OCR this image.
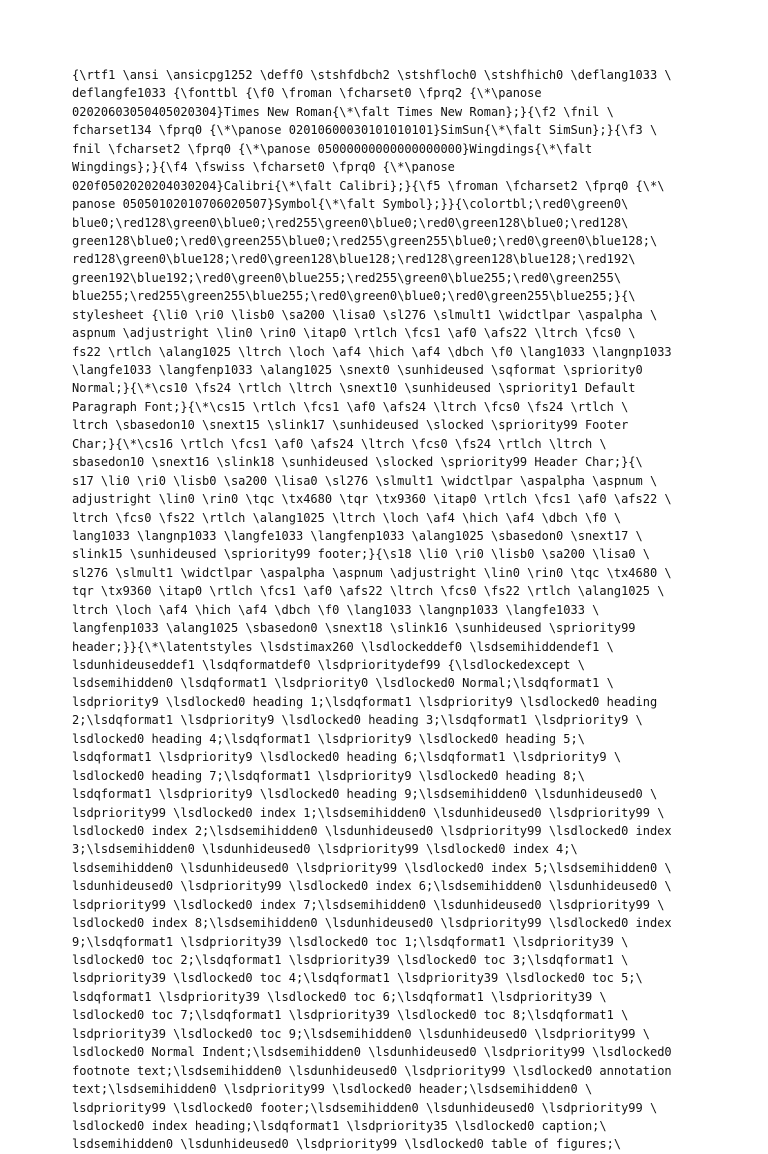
{\rtf1 \ansi \ansicpg1252 \deff0 \stshfdbch2 \stshfloch0 \stshfhich0 \deflang1033 \
deflangfe1033 {\fonttbl {\f0 \froman \fcharset0 \fprq2 {\*\panose
02020603050405020304}Times New Roman{\*\falt Times New Roman};}{\f2 \fnil \
fcharset134 \fprq0 {\*\panose 02010600030101010101}SimSun{\*\falt SimSun};}{\f3 \
fnil \fcharset2 \fprq0 {\*\panose 05000000000000000000}Wingdings{\*\falt
Wingdings};}{\f4 \fswiss \fcharset0 \fprq0 {\*\panose
020f0502020204030204}Calibri{\*\falt Calibri};}{\f5 \froman \fcharset2 \fprq0 {\*\
panose 05050102010706020507}Symbol{\*\falt Symbol};}}{\colortbl;\red0\green0\
blue0;\red128\green0\blue0;\red255\green0\blue0;\red0\green128\blue0;\red128\
green128\blue0;\red0\green255\blue0;\red255\green255\blue0;\red0\green0\blue128;\
red128\green0\blue128;\red0\green128\blue128;\red128\green128\blue128;\red192\
green192\blue192;\red0\green0\blue255;\red255\green0\blue255;\red0\green255\
blue255;\red255\green255\blue255;\red0\green0\blue0;\red0\green255\blue255;}{\
stylesheet {\li0 \ri0 \lisb0 \sa200 \lisa0 \sl276 \slmult1 \widctlpar \aspalpha \
aspnum \adjustright \lin0 \rin0 \itap0 \rtlch \fcs1 \af0 \afs22 \ltrch \fcs0 \
fs22 \rtlch \alang1025 \ltrch \loch \af4 \hich \af4 \dbch \f0 \lang1033 \langnp1033
\langfe1033 \langfenp1033 \alang1025 \snext0 \sunhideused \sqformat \spriority0
Normal;}{\*\cs10 \fs24 \rtlch \ltrch \snext10 \sunhideused \spriority1 Default
Paragraph Font;}{\*\cs15 \rtlch \fcs1 \af0 \afs24 \ltrch \fcs0 \fs24 \rtlch \
ltrch \sbasedon10 \snext15 \slink17 \sunhideused \slocked \spriority99 Footer
Char;}{\*\cs16 \rtlch \fcs1 \af0 \afs24 \ltrch \fcs0 \fs24 \rtlch \ltrch \
sbasedon10 \snext16 \slink18 \sunhideused \slocked \spriority99 Header Char;}{\
s17 \li0 \ri0 \lisb0 \sa200 \lisa0 \sl276 \slmult1 \widctlpar \aspalpha \aspnum \
adjustright \lin0 \rin0 \tqc \tx4680 \tqr \tx9360 \itap0 \rtlch \fcs1 \af0 \afs22 \
ltrch \fcs0 \fs22 \rtlch \alang1025 \ltrch \loch \af4 \hich \af4 \dbch \f0 \
lang1033 \langnp1033 \langfe1033 \langfenp1033 \alang1025 \sbasedon0 \snext17 \
slink15 \sunhideused \spriority99 footer;}{\s18 \li0 \ri0 \lisb0 \sa200 \lisa0 \
sl276 \slmult1 \widctlpar \aspalpha \aspnum \adjustright \lin0 \rin0 \tqc \tx4680 \
tqr \tx9360 \itap0 \rtlch \fcs1 \af0 \afs22 \ltrch \fcs0 \fs22 \rtlch \alang1025 \
ltrch \loch \af4 \hich \af4 \dbch \f0 \lang1033 \langnp1033 \langfe1033 \
langfenp1033 \alang1025 \sbasedon0 \snext18 \slink16 \sunhideused \spriority99
header;}}{\*\latentstyles \lsdstimax260 \lsdlockeddef0 \lsdsemihiddendef1 \
lsdunhideuseddef1 \lsdqformatdef0 \lsdprioritydef99 {\lsdlockedexcept \
lsdsemihidden0 \lsdqformat1 \lsdpriority0 \lsdlocked0 Normal;\lsdqformat1 \
lsdpriority9 \lsdlocked0 heading 1;\lsdqformat1 \lsdpriority9 \lsdlocked0 heading
2;\lsdqformat1 \lsdpriority9 \lsdlocked0 heading 3;\lsdqformat1 \lsdpriority9 \
lsdlocked0 heading 4;\lsdqformat1 \lsdpriority9 \lsdlocked0 heading 5;\
lsdqformat1 \lsdpriority9 \lsdlocked0 heading 6;\lsdqformat1 \lsdpriority9 \
lsdlocked0 heading 7;\lsdqformat1 \lsdpriority9 \lsdlocked0 heading 8;\
lsdqformat1 \lsdpriority9 \lsdlocked0 heading 9;\lsdsemihidden0 \lsdunhideused0 \
lsdpriority99 \lsdlocked0 index 1;\lsdsemihidden0 \lsdunhideused0 \lsdpriority99 \
lsdlocked0 index 2;\lsdsemihidden0 \lsdunhideused0 \lsdpriority99 \lsdlocked0 index
3;\lsdsemihidden0 \lsdunhideused0 \lsdpriority99 \lsdlocked0 index 4;\
lsdsemihidden0 \lsdunhideused0 \lsdpriority99 \lsdlocked0 index 5;\lsdsemihidden0 \
lsdunhideused0 \lsdpriority99 \lsdlocked0 index 6;\lsdsemihidden0 \lsdunhideused0 \
lsdpriority99 \lsdlocked0 index 7;\lsdsemihidden0 \lsdunhideused0 \lsdpriority99 \
lsdlocked0 index 8;\lsdsemihidden0 \lsdunhideused0 \lsdpriority99 \lsdlocked0 index
9;\lsdqformat1 \lsdpriority39 \lsdlocked0 toc 1;\lsdqformat1 \lsdpriority39 \
lsdlocked0 toc 2;\lsdqformat1 \lsdpriority39 \lsdlocked0 toc 3;\lsdqformat1 \
lsdpriority39 \lsdlocked0 toc 4;\lsdqformat1 \lsdpriority39 \lsdlocked0 toc 5;\
lsdqformat1 \lsdpriority39 \lsdlocked0 toc 6;\lsdqformat1 \lsdpriority39 \
lsdlocked0 toc 7;\lsdqformat1 \lsdpriority39 \lsdlocked0 toc 8;\lsdqformat1 \
lsdpriority39 \lsdlocked0 toc 9;\lsdsemihidden0 \lsdunhideused0 \lsdpriority99 \
lsdlocked0 Normal Indent;\lsdsemihidden0 \lsdunhideused0 \lsdpriority99 \lsdlocked0
footnote text;\lsdsemihidden0 \lsdunhideused0 \lsdpriority99 \lsdlocked0 annotation
text;\lsdsemihidden0 \lsdpriority99 \lsdlocked0 header;\lsdsemihidden0 \
lsdpriority99 \lsdlocked0 footer;\lsdsemihidden0 \lsdunhideused0 \lsdpriority99 \
lsdlocked0 index heading;\lsdqformat1 \lsdpriority35 \lsdlocked0 caption;\
lsdsemihidden0 \lsdunhideused0 \lsdpriority99 \lsdlocked0 table of figures;\
